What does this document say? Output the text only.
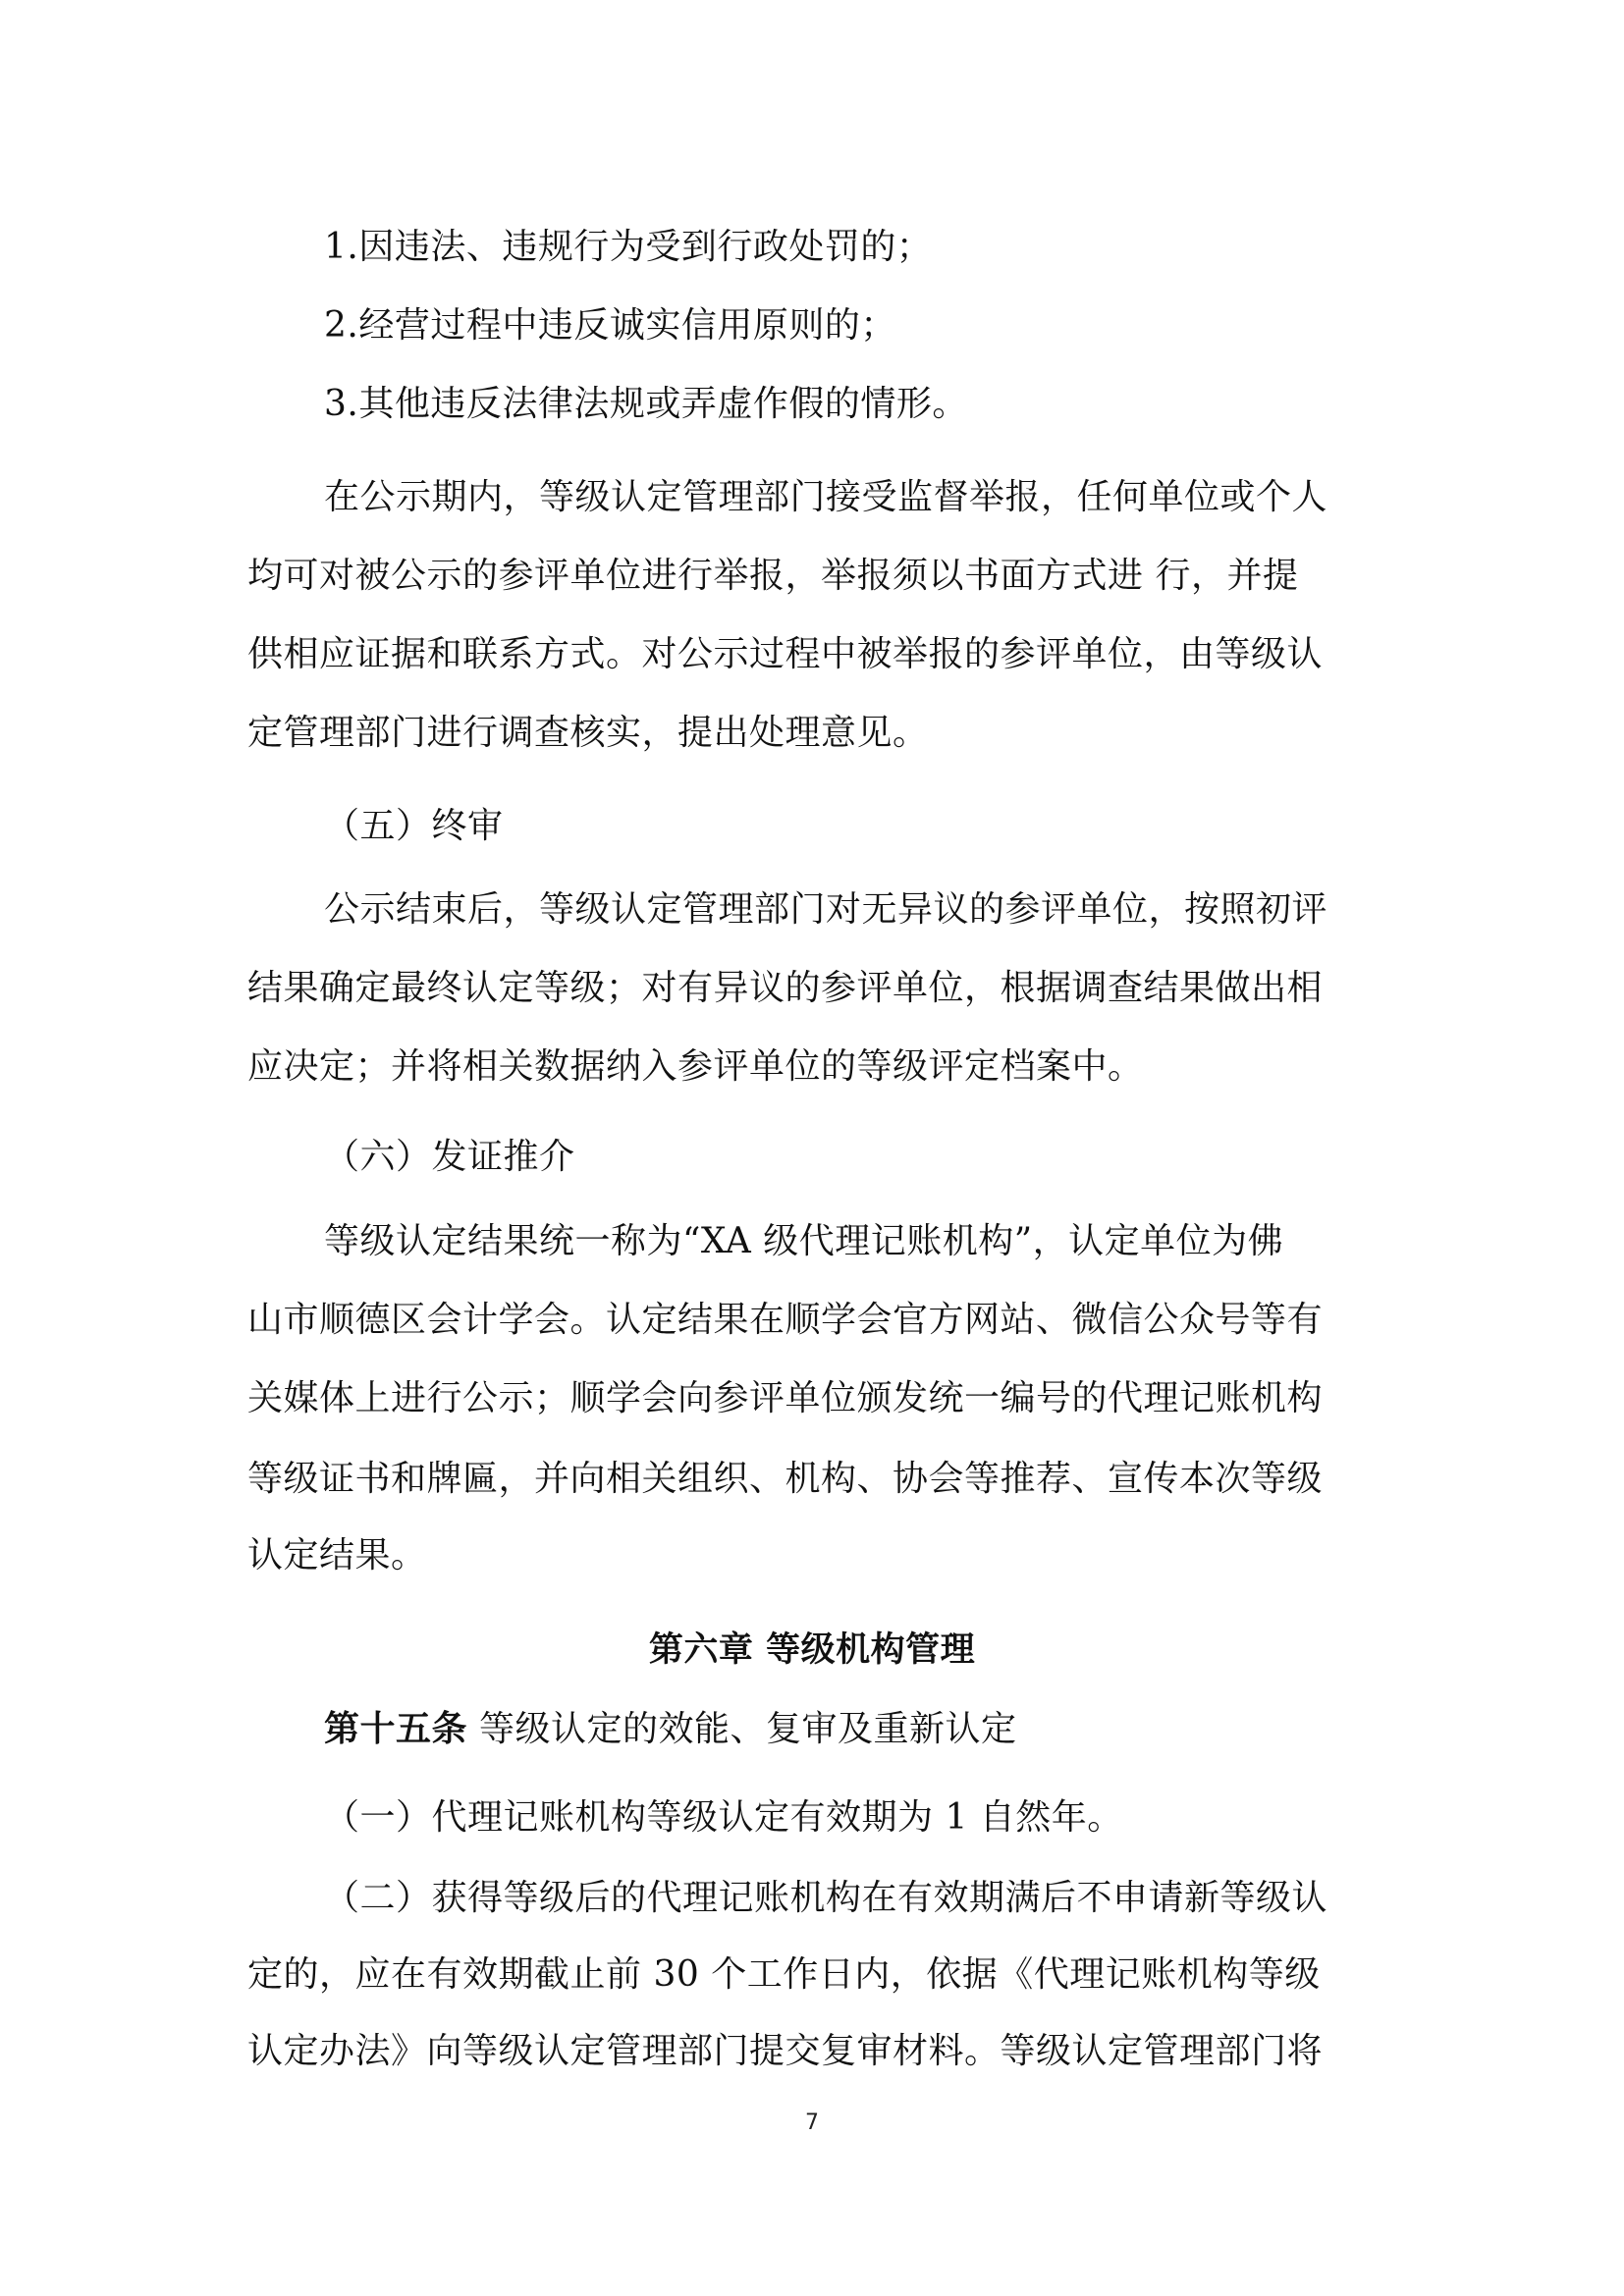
1.因违法、违规行为受到行政处罚的；
2.经营过程中违反诚实信用原则的；
3.其他违反法律法规或弄虚作假的情形。
在公示期内，等级认定管理部门接受监督举报，任何单位或个人
均可对被公示的参评单位进行举报，举报须以书面方式进 行，并提
供相应证据和联系方式。对公示过程中被举报的参评单位，由等级认
定管理部门进行调查核实，提出处理意见。
（五）终审
公示结束后，等级认定管理部门对无异议的参评单位，按照初评
结果确定最终认定等级；对有异议的参评单位，根据调查结果做出相
应决定；并将相关数据纳入参评单位的等级评定档案中。
（六）发证推介
等级认定结果统一称为“XA 级代理记账机构”，认定单位为佛
山市顺德区会计学会。认定结果在顺学会官方网站、微信公众号等有
关媒体上进行公示；顺学会向参评单位颁发统一编号的代理记账机构
等级证书和牌匾，并向相关组织、机构、协会等推荐、宣传本次等级
认定结果。
第六章 等级机构管理
第十五条 等级认定的效能、复审及重新认定
（一）代理记账机构等级认定有效期为 1 自然年。
（二）获得等级后的代理记账机构在有效期满后不申请新等级认
定的，应在有效期截止前 30 个工作日内，依据《代理记账机构等级
认定办法》向等级认定管理部门提交复审材料。等级认定管理部门将
7
